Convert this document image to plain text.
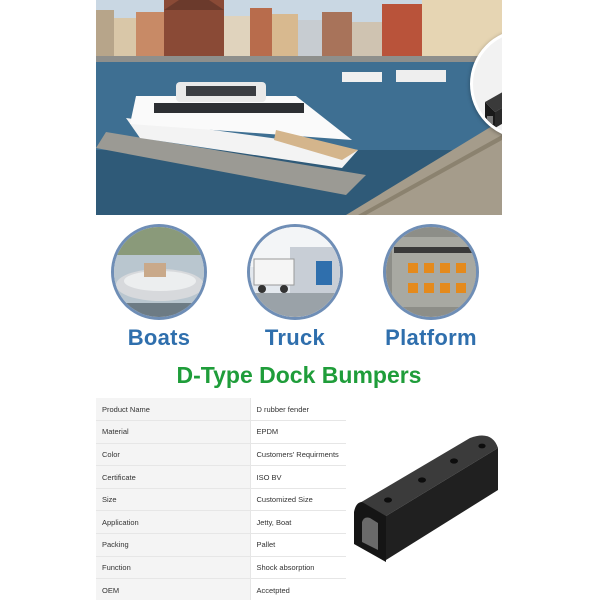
Boats	Truck	Platform
D-Type Dock Bumpers
Product Name	D rubber fender
Material	EPDM
Color	Customers' Requirments
Certificate	ISO BV
Size	Customized Size
Application	Jetty, Boat
Packing	Pallet
Function	Shock absorption
OEM	Accetpted
